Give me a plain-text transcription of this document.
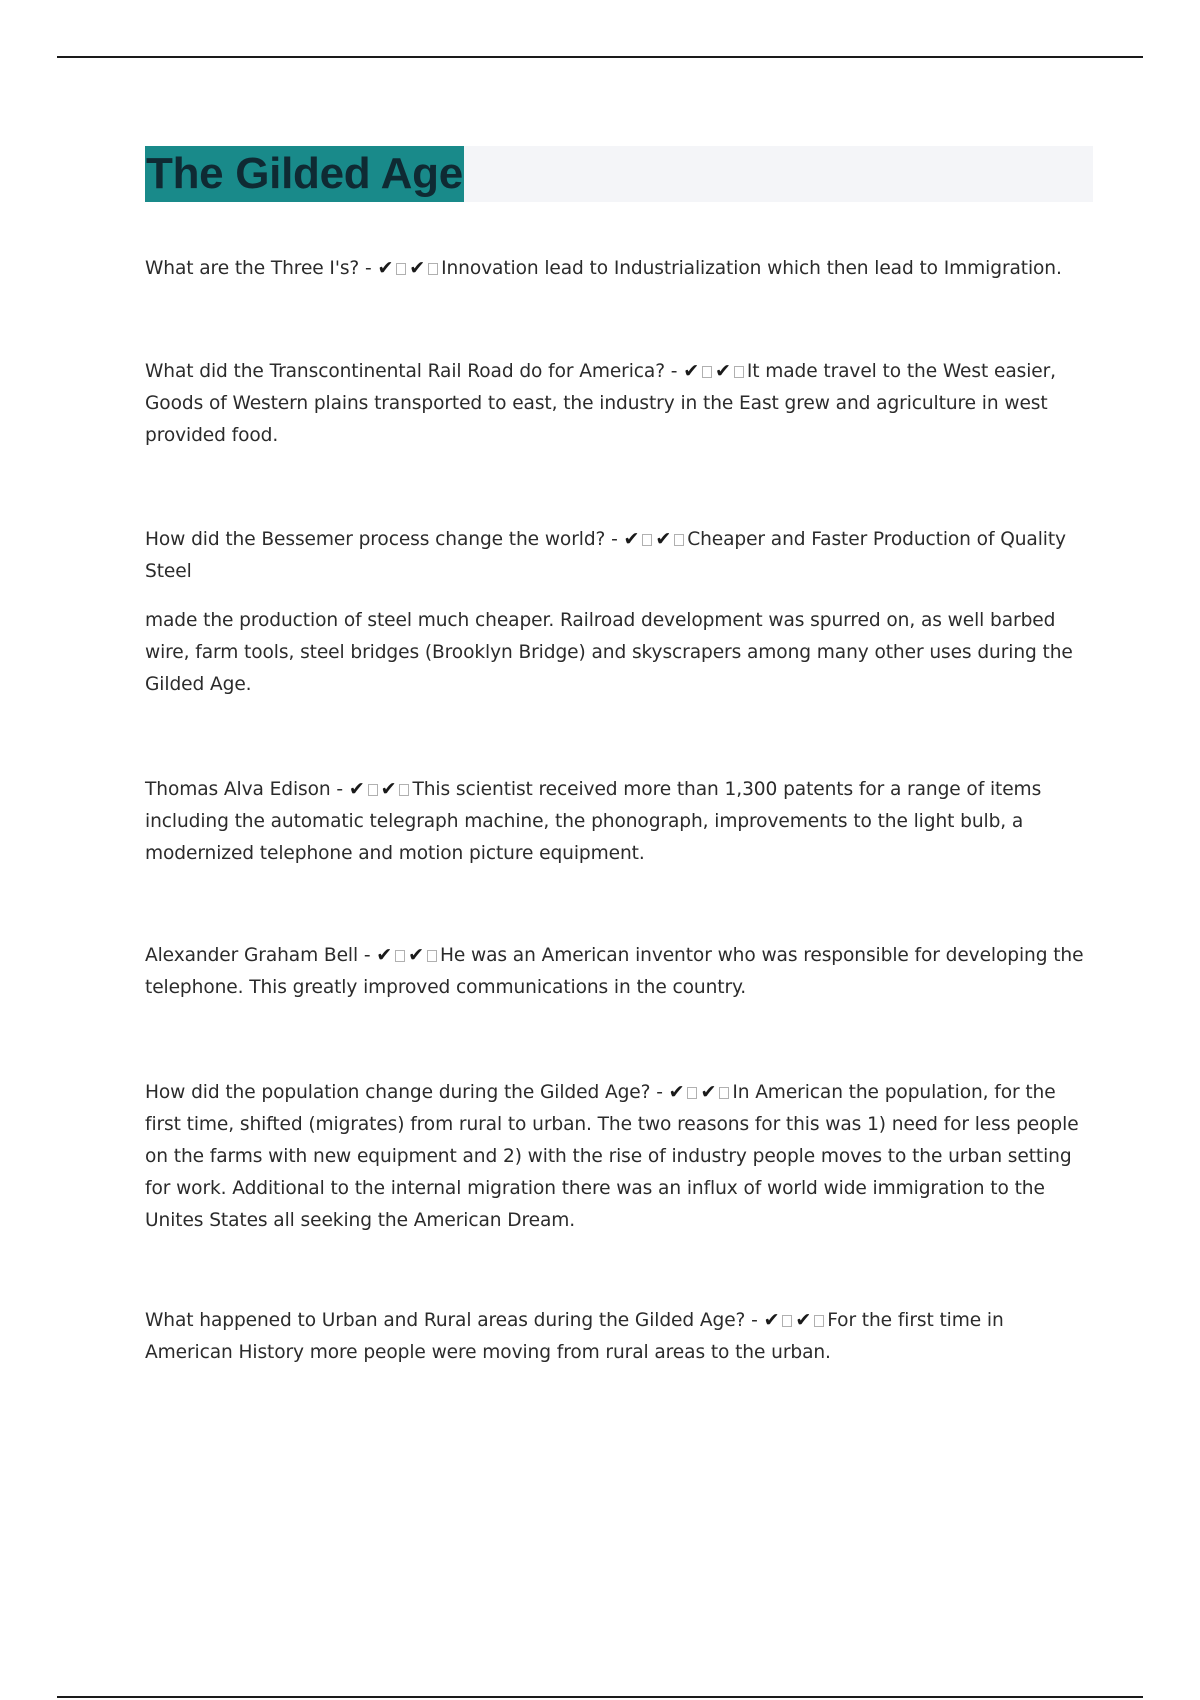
The Gilded Age

What are the Three I's? - ✔ ✔ Innovation lead to Industrialization which then lead to Immigration.

What did the Transcontinental Rail Road do for America? - ✔ ✔ It made travel to the West easier, Goods of Western plains transported to east, the industry in the East grew and agriculture in west provided food.

How did the Bessemer process change the world? - ✔ ✔ Cheaper and Faster Production of Quality Steel

made the production of steel much cheaper. Railroad development was spurred on, as well barbed wire, farm tools, steel bridges (Brooklyn Bridge) and skyscrapers among many other uses during the Gilded Age.

Thomas Alva Edison - ✔ ✔ This scientist received more than 1,300 patents for a range of items including the automatic telegraph machine, the phonograph, improvements to the light bulb, a modernized telephone and motion picture equipment.

Alexander Graham Bell - ✔ ✔ He was an American inventor who was responsible for developing the telephone. This greatly improved communications in the country.

How did the population change during the Gilded Age? - ✔ ✔ In American the population, for the first time, shifted (migrates) from rural to urban. The two reasons for this was 1) need for less people on the farms with new equipment and 2) with the rise of industry people moves to the urban setting for work. Additional to the internal migration there was an influx of world wide immigration to the Unites States all seeking the American Dream.

What happened to Urban and Rural areas during the Gilded Age? - ✔ ✔ For the first time in American History more people were moving from rural areas to the urban.
